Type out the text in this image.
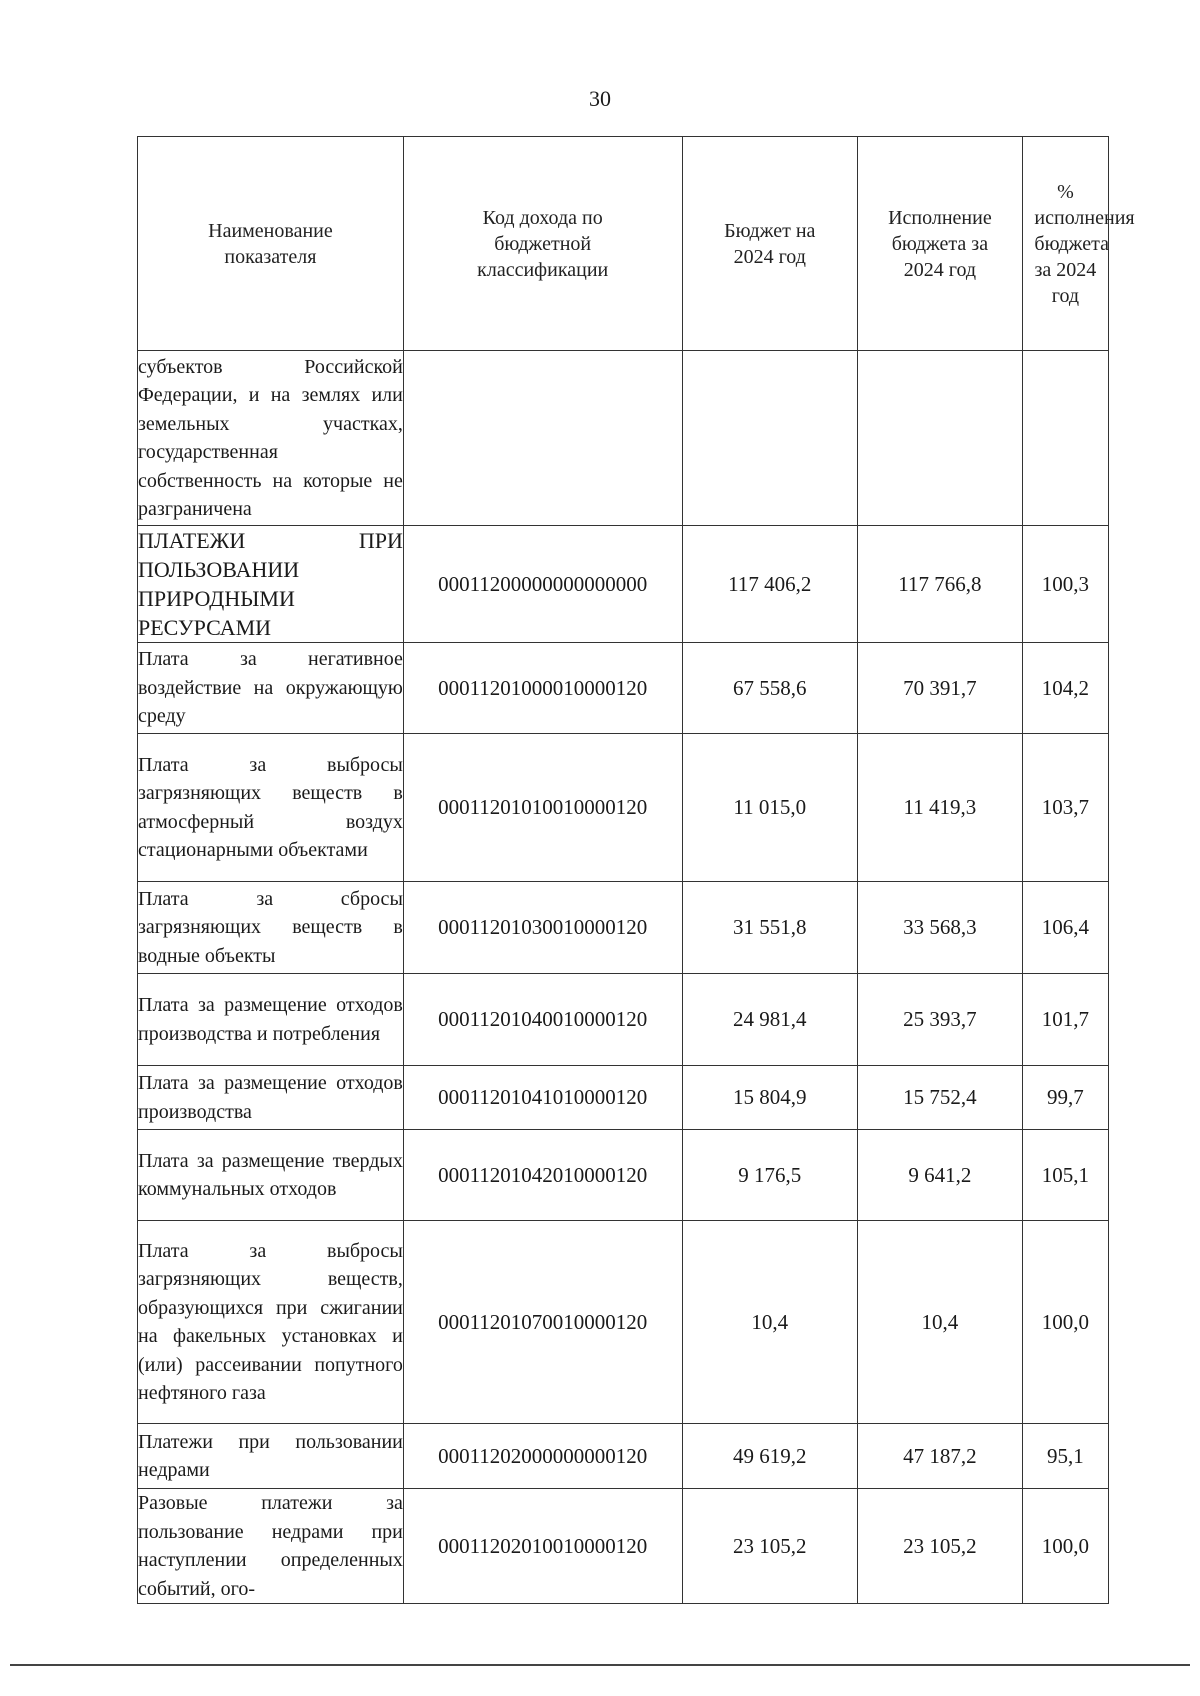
30
Наименование показателя	Код дохода по бюджетной классификации	Бюджет на 2024 год	Исполнение бюджета за 2024 год	% исполнения бюджета за 2024 год
субъектов Российской Федерации, и на землях или земельных участках, государственная собственность на которые не разграничена				
ПЛАТЕЖИ ПРИ ПОЛЬЗОВАНИИ ПРИРОДНЫМИ РЕСУРСАМИ	00011200000000000000	117 406,2	117 766,8	100,3
Плата за негативное воздействие на окружающую среду	00011201000010000120	67 558,6	70 391,7	104,2
Плата за выбросы загрязняющих веществ в атмосферный воздух стационарными объектами	00011201010010000120	11 015,0	11 419,3	103,7
Плата за сбросы загрязняющих веществ в водные объекты	00011201030010000120	31 551,8	33 568,3	106,4
Плата за размещение отходов производства и потребления	00011201040010000120	24 981,4	25 393,7	101,7
Плата за размещение отходов производства	00011201041010000120	15 804,9	15 752,4	99,7
Плата за размещение твердых коммунальных отходов	00011201042010000120	9 176,5	9 641,2	105,1
Плата за выбросы загрязняющих веществ, образующихся при сжигании на факельных установках и (или) рассеивании попутного нефтяного газа	00011201070010000120	10,4	10,4	100,0
Платежи при пользовании недрами	00011202000000000120	49 619,2	47 187,2	95,1
Разовые платежи за пользование недрами при наступлении определенных событий, ого-	00011202010010000120	23 105,2	23 105,2	100,0
